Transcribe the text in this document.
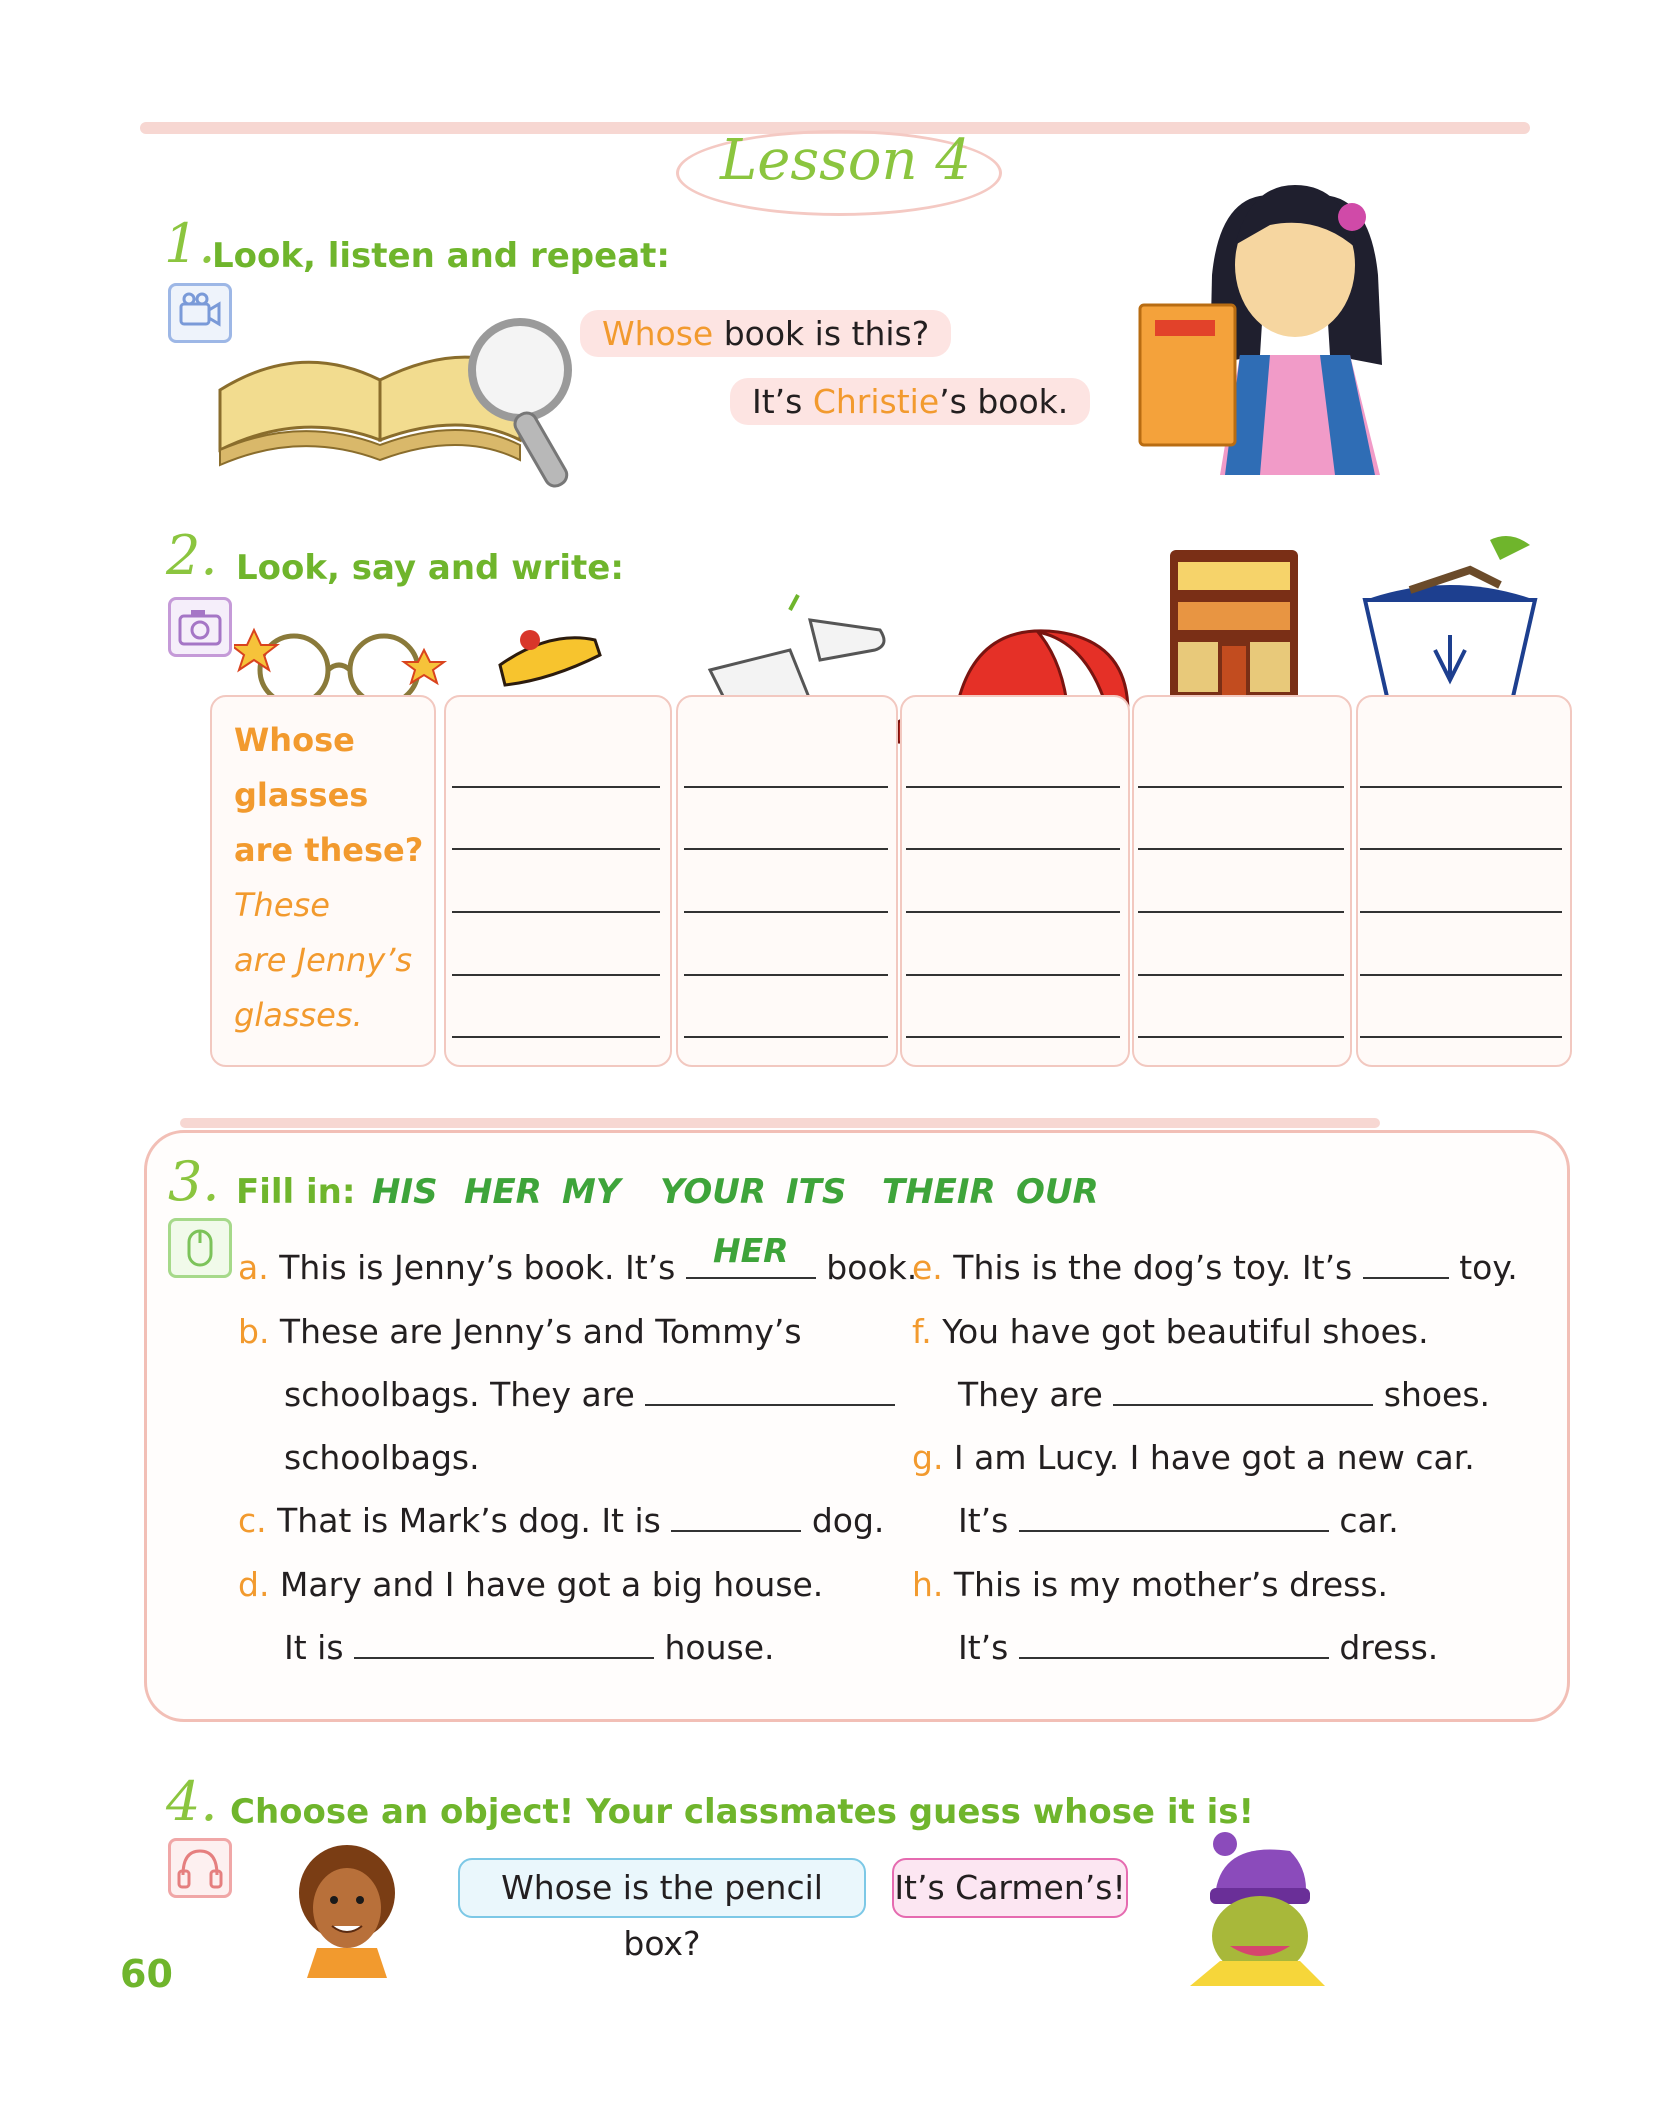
Lesson 4
1.
Look, listen and repeat:
Whose book is this?
It’s Christie’s book.
2. Look, say and write:
Whose
glasses
are these?
These
are Jenny’s
glasses.
3. Fill in: HIS HER MY YOUR ITS THEIR OUR
a. This is Jenny’s book. It’s HER book.
b. These are Jenny’s and Tommy’s
schoolbags. They are
schoolbags.
c. That is Mark’s dog. It is	dog.
d. Mary and I have got a big house.
It is	house.
e. This is the dog’s toy. It’s	toy.
f. You have got beautiful shoes.
They are	shoes.
g. I am Lucy. I have got a new car.
It’s	car.
h. This is my mother’s dress.
It’s	dress.
4. Choose an object! Your classmates guess whose it is!
Whose is the pencil box?
It’s Carmen’s!
60
